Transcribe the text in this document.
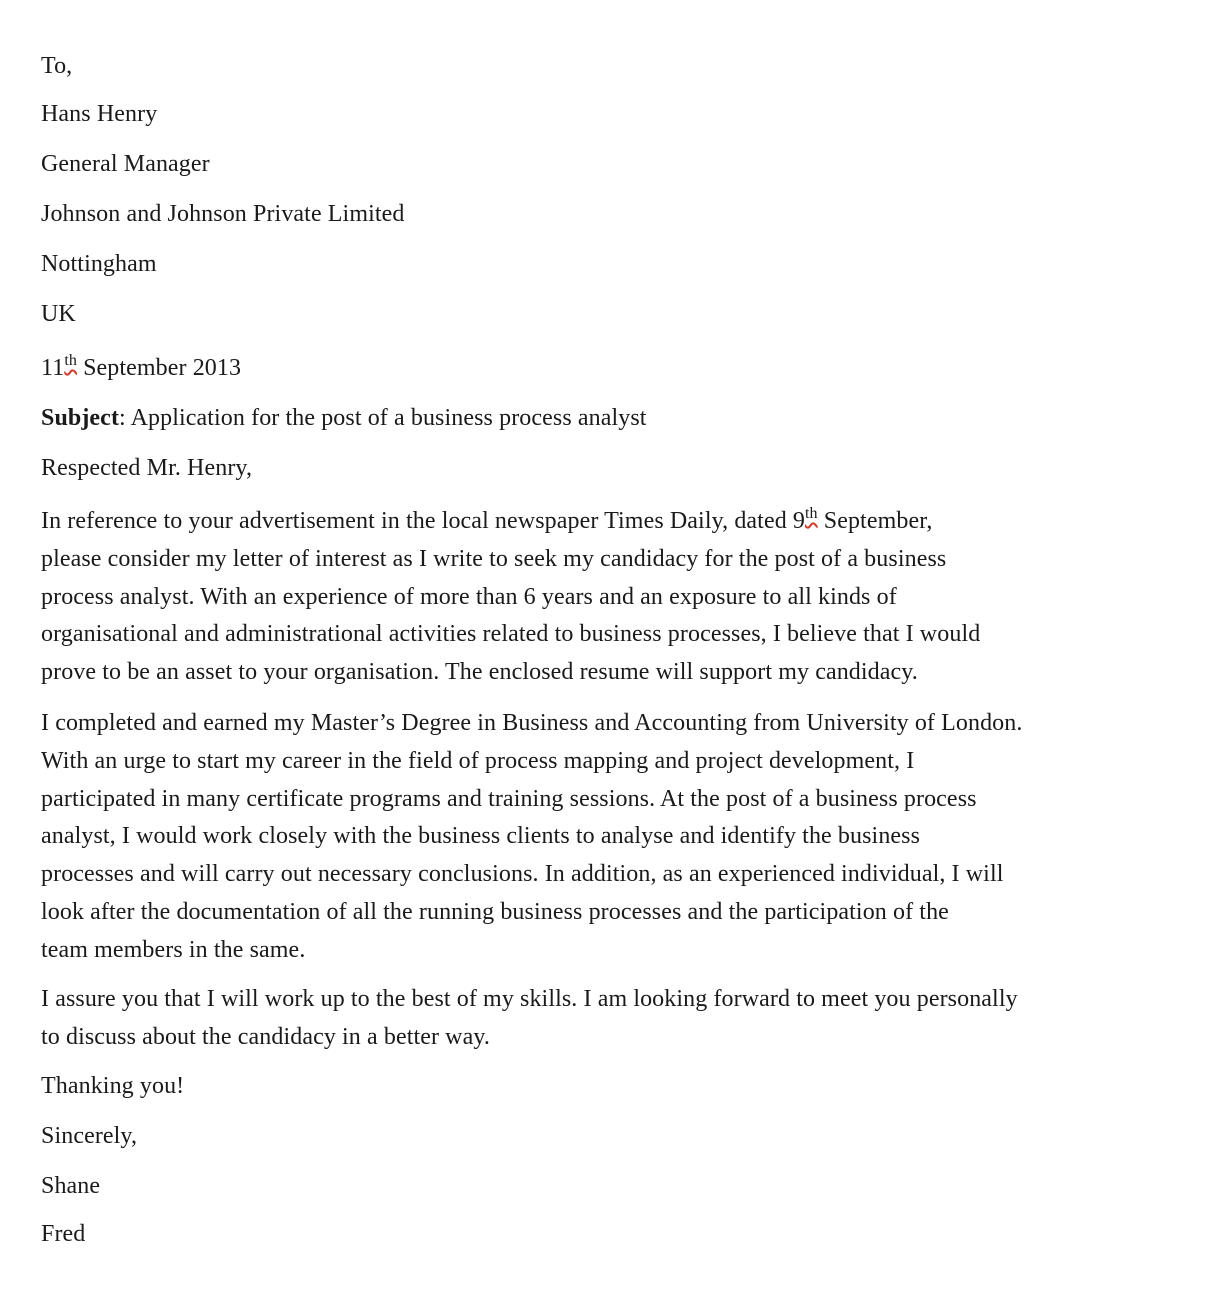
To,
Hans Henry
General Manager
Johnson and Johnson Private Limited
Nottingham
UK
11th September 2013
Subject: Application for the post of a business process analyst
Respected Mr. Henry,
In reference to your advertisement in the local newspaper Times Daily, dated 9th September,
please consider my letter of interest as I write to seek my candidacy for the post of a business
process analyst. With an experience of more than 6 years and an exposure to all kinds of
organisational and administrational activities related to business processes, I believe that I would
prove to be an asset to your organisation. The enclosed resume will support my candidacy.
I completed and earned my Master’s Degree in Business and Accounting from University of London.
With an urge to start my career in the field of process mapping and project development, I
participated in many certificate programs and training sessions. At the post of a business process
analyst, I would work closely with the business clients to analyse and identify the business
processes and will carry out necessary conclusions. In addition, as an experienced individual, I will
look after the documentation of all the running business processes and the participation of the
team members in the same.
I assure you that I will work up to the best of my skills. I am looking forward to meet you personally
to discuss about the candidacy in a better way.
Thanking you!
Sincerely,
Shane
Fred
